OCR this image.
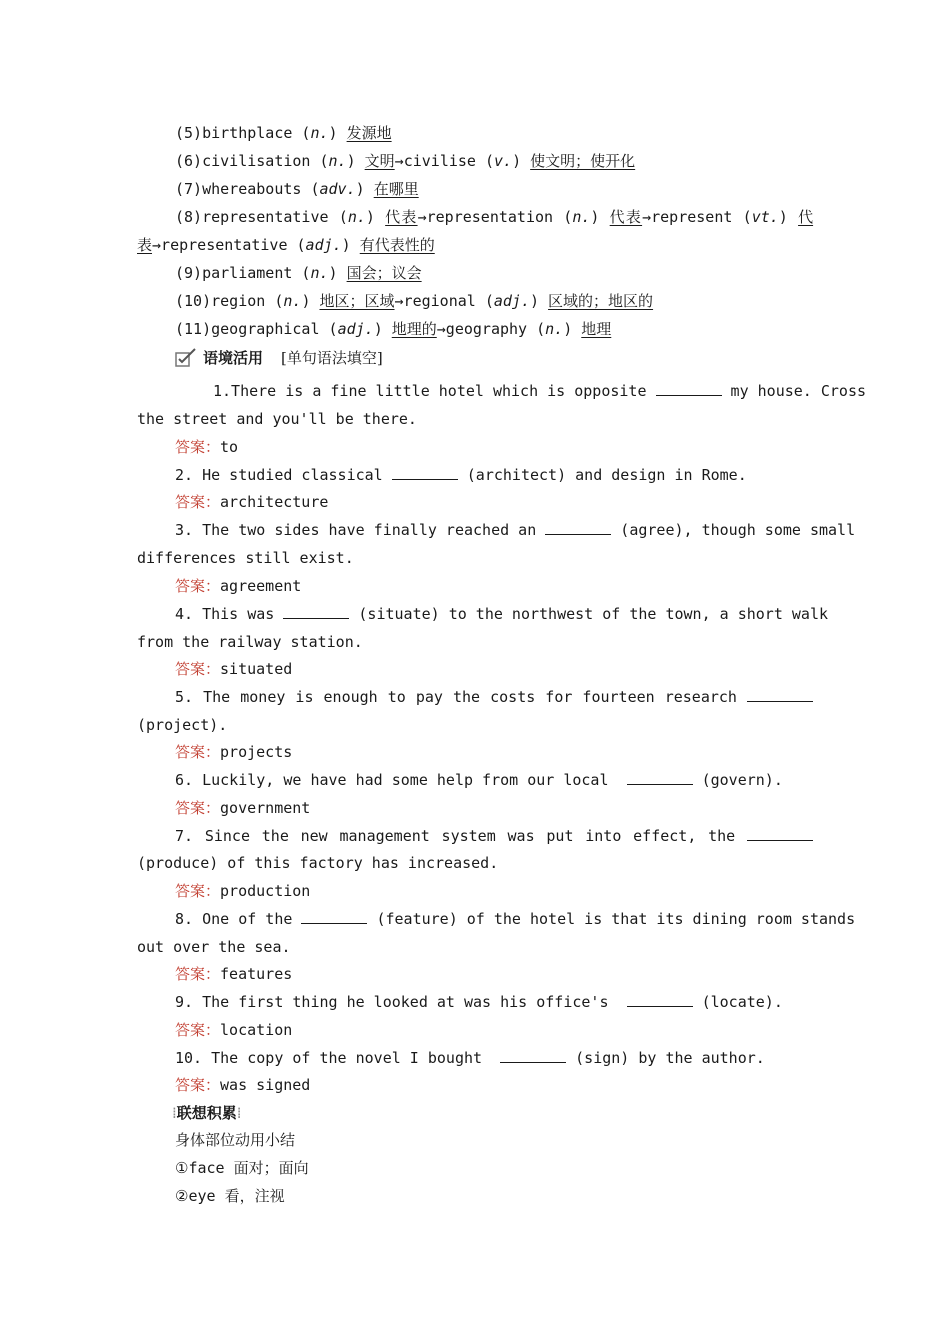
(5)birthplace (n.) 发源地
(6)civilisation (n.) 文明→civilise (v.) 使文明；使开化
(7)whereabouts (adv.) 在哪里
(8)representative (n.) 代表→representation (n.) 代表→represent (vt.) 代
表→representative (adj.) 有代表性的
(9)parliament (n.) 国会；议会
(10)region (n.) 地区；区域→regional (adj.) 区域的；地区的
(11)geographical (adj.) 地理的→geography (n.) 地理
语境活用 [单句语法填空]
1.There is a fine little hotel which is opposite	my house. Cross
the street and you'll be there.
答案：to
2. He studied classical	(architect) and design in Rome.
答案：architecture
3. The two sides have finally reached an	(agree), though some small
differences still exist.
答案：agreement
4. This was	(situate) to the northwest of the town, a short walk
from the railway station.
答案：situated
5. The money is enough to pay the costs for fourteen research
(project).
答案：projects
6. Luckily, we have had some help from our local	(govern).
答案：government
7. Since the new management system was put into effect, the
(produce) of this factory has increased.
答案：production
8. One of the	(feature) of the hotel is that its dining room stands
out over the sea.
答案：features
9. The first thing he looked at was his office's	(locate).
答案：location
10. The copy of the novel I bought	(sign) by the author.
答案：was signed
⁞联想积累⁞
身体部位动用小结
①face 面对；面向
②eye 看，注视
